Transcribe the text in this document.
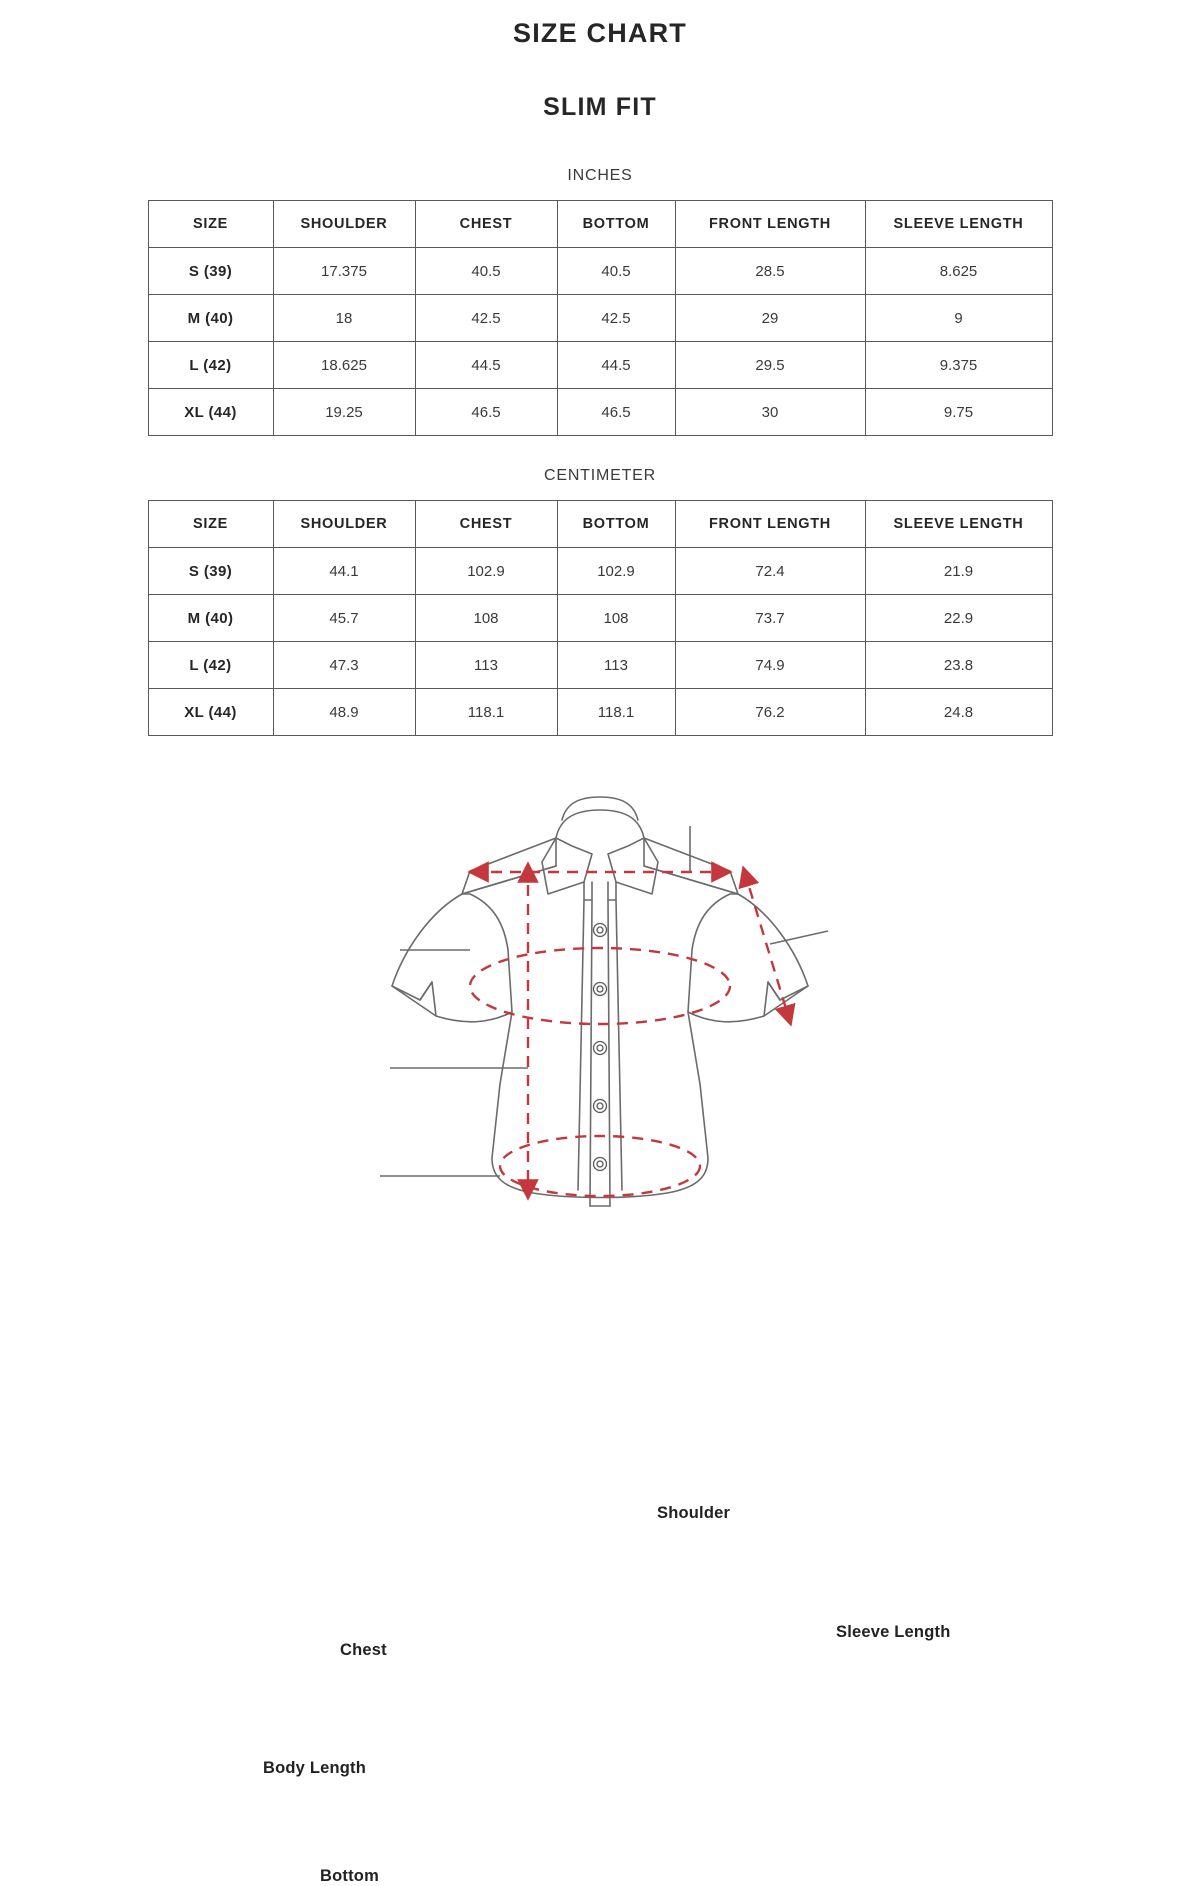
SIZE CHART
SLIM FIT
INCHES
SIZE	SHOULDER	CHEST	BOTTOM	FRONT LENGTH	SLEEVE LENGTH
S (39)	17.375	40.5	40.5	28.5	8.625
M (40)	18	42.5	42.5	29	9
L (42)	18.625	44.5	44.5	29.5	9.375
XL (44)	19.25	46.5	46.5	30	9.75
CENTIMETER
SIZE	SHOULDER	CHEST	BOTTOM	FRONT LENGTH	SLEEVE LENGTH
S (39)	44.1	102.9	102.9	72.4	21.9
M (40)	45.7	108	108	73.7	22.9
L (42)	47.3	113	113	74.9	23.8
XL (44)	48.9	118.1	118.1	76.2	24.8
Shoulder
Sleeve Length
Chest
Body Length
Bottom
